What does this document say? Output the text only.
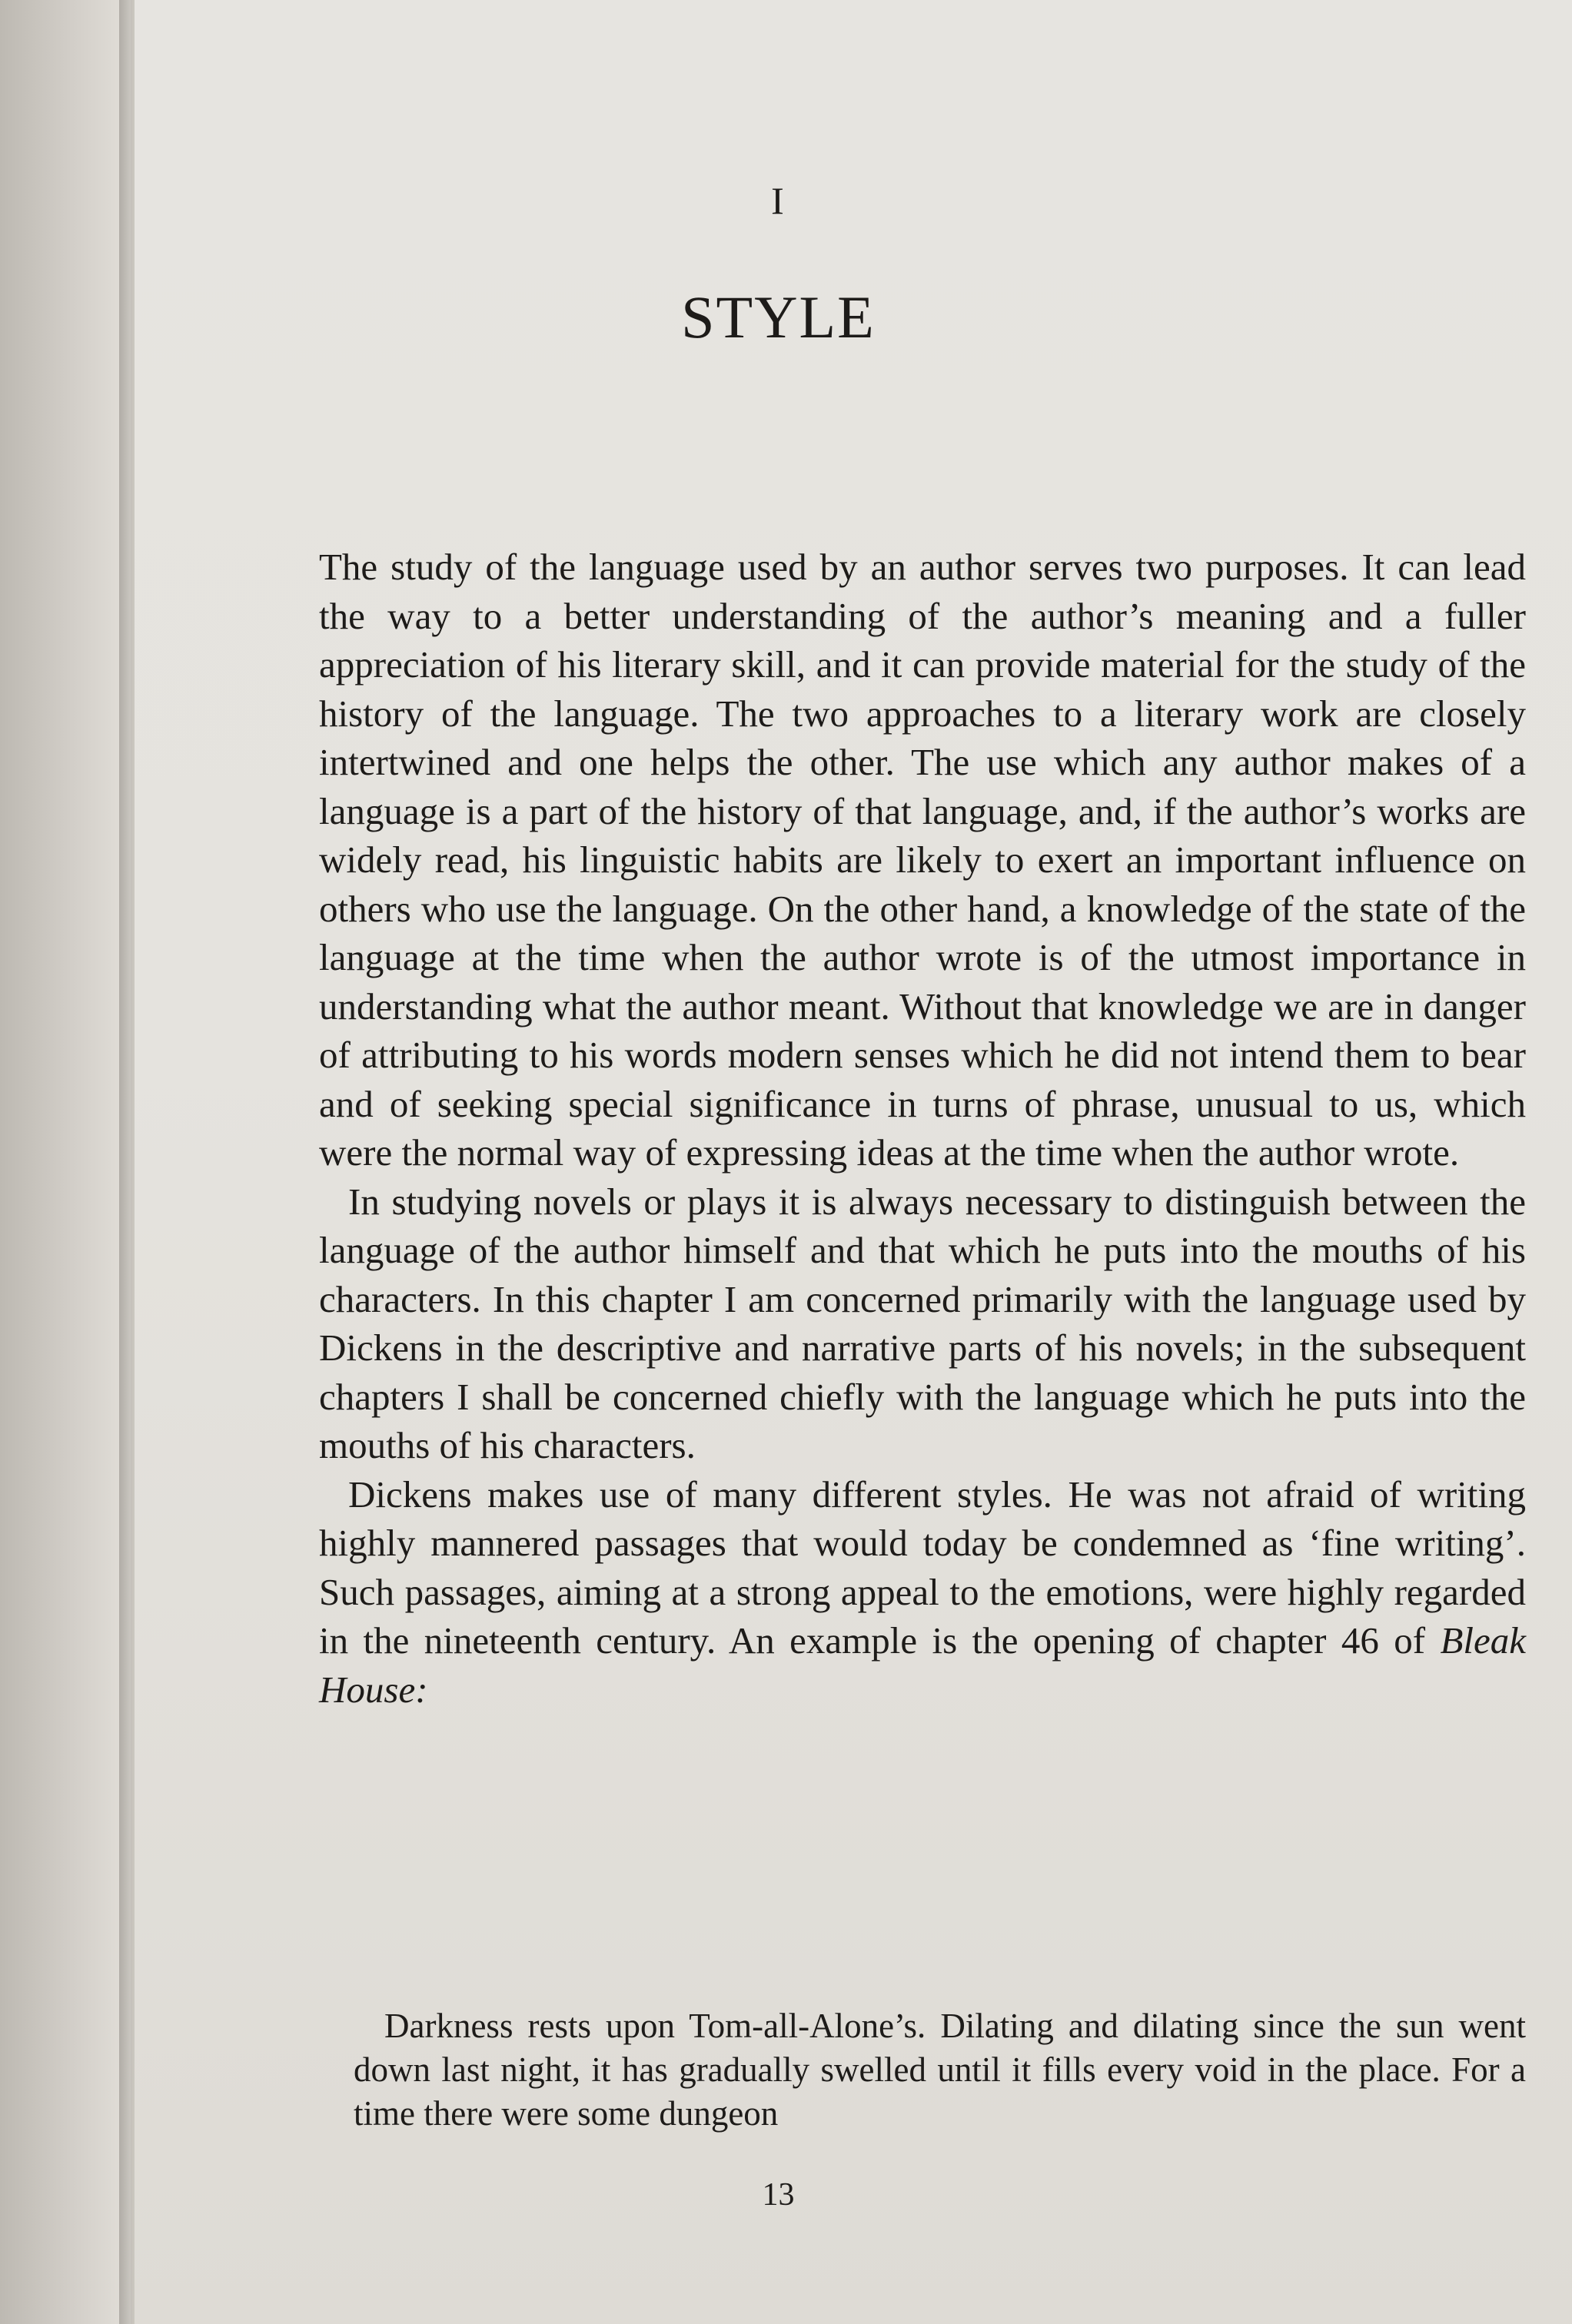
I
STYLE

The study of the language used by an author serves two purposes. It can lead the way to a better understanding of the author’s meaning and a fuller appreciation of his literary skill, and it can provide material for the study of the history of the language. The two approaches to a literary work are closely intertwined and one helps the other. The use which any author makes of a language is a part of the history of that language, and, if the author’s works are widely read, his linguistic habits are likely to exert an important influence on others who use the language. On the other hand, a knowledge of the state of the language at the time when the author wrote is of the utmost importance in understanding what the author meant. Without that knowledge we are in danger of attributing to his words modern senses which he did not intend them to bear and of seeking special significance in turns of phrase, unusual to us, which were the normal way of expressing ideas at the time when the author wrote.

In studying novels or plays it is always necessary to distinguish between the language of the author himself and that which he puts into the mouths of his characters. In this chapter I am concerned primarily with the language used by Dickens in the descriptive and narrative parts of his novels; in the subsequent chapters I shall be concerned chiefly with the language which he puts into the mouths of his characters.

Dickens makes use of many different styles. He was not afraid of writing highly mannered passages that would today be condemned as ‘fine writing’. Such passages, aiming at a strong appeal to the emotions, were highly regarded in the nineteenth century. An example is the opening of chapter 46 of Bleak House:

Darkness rests upon Tom-all-Alone’s. Dilating and dilating since the sun went down last night, it has gradually swelled until it fills every void in the place. For a time there were some dungeon
13
